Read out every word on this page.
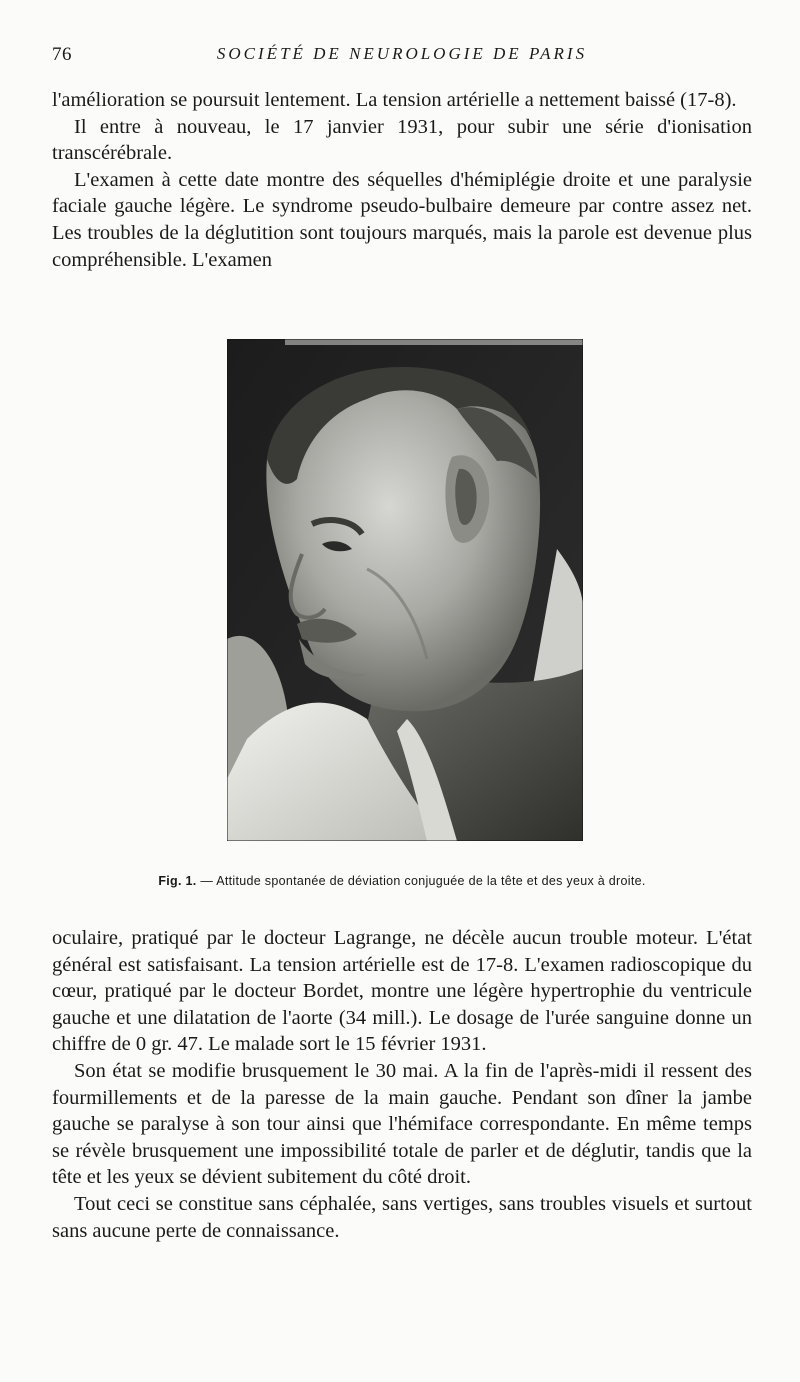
76	SOCIÉTÉ DE NEUROLOGIE DE PARIS

l'amélioration se poursuit lentement. La tension artérielle a nettement baissé (17-8).

Il entre à nouveau, le 17 janvier 1931, pour subir une série d'ionisation transcérébrale.

L'examen à cette date montre des séquelles d'hémiplégie droite et une paralysie faciale gauche légère. Le syndrome pseudo-bulbaire demeure par contre assez net. Les troubles de la déglutition sont toujours marqués, mais la parole est devenue plus compréhensible. L'examen

Fig. 1. — Attitude spontanée de déviation conjuguée de la tête et des yeux à droite.

oculaire, pratiqué par le docteur Lagrange, ne décèle aucun trouble moteur. L'état général est satisfaisant. La tension artérielle est de 17-8. L'examen radioscopique du cœur, pratiqué par le docteur Bordet, montre une légère hypertrophie du ventricule gauche et une dilatation de l'aorte (34 mill.). Le dosage de l'urée sanguine donne un chiffre de 0 gr. 47. Le malade sort le 15 février 1931.

Son état se modifie brusquement le 30 mai. A la fin de l'après-midi il ressent des fourmillements et de la paresse de la main gauche. Pendant son dîner la jambe gauche se paralyse à son tour ainsi que l'hémiface correspondante. En même temps se révèle brusquement une impossibilité totale de parler et de déglutir, tandis que la tête et les yeux se dévient subitement du côté droit.

Tout ceci se constitue sans céphalée, sans vertiges, sans troubles visuels et surtout sans aucune perte de connaissance.
